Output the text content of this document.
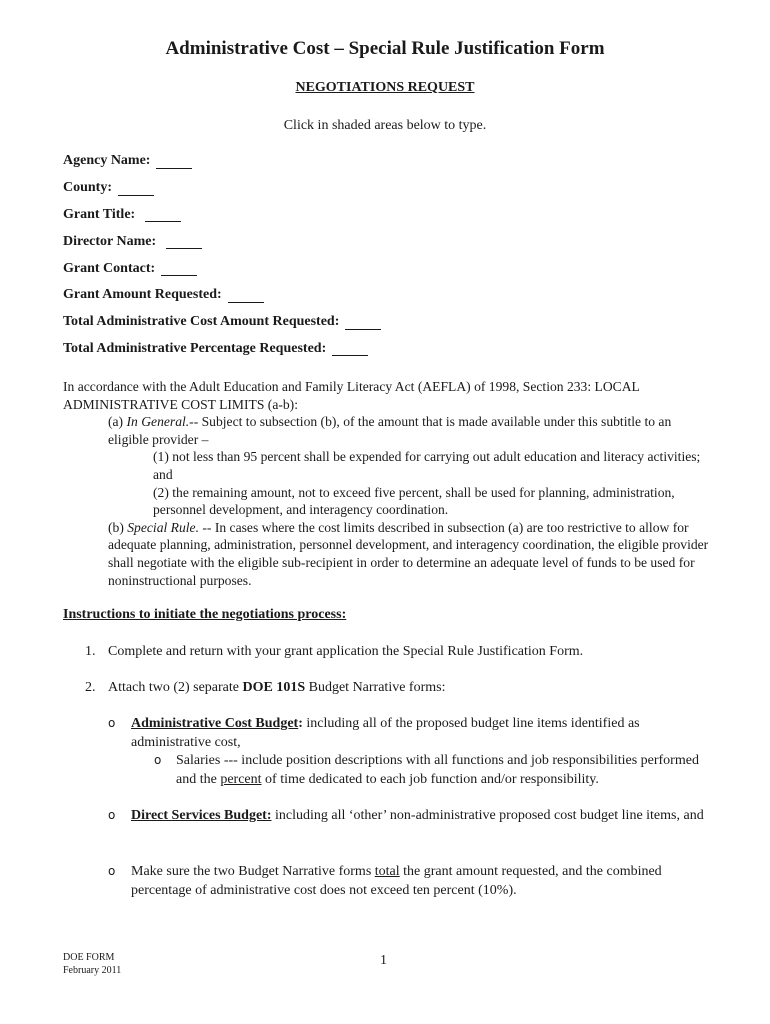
Administrative Cost – Special Rule Justification Form
NEGOTIATIONS REQUEST

Click in shaded areas below to type.

Agency Name:
County:
Grant Title:
Director Name:
Grant Contact:
Grant Amount Requested:
Total Administrative Cost Amount Requested:
Total Administrative Percentage Requested:

In accordance with the Adult Education and Family Literacy Act (AEFLA) of 1998, Section 233: LOCAL ADMINISTRATIVE COST LIMITS (a-b):

(a) In General.-- Subject to subsection (b), of the amount that is made available under this subtitle to an eligible provider –

(1) not less than 95 percent shall be expended for carrying out adult education and literacy activities; and

(2) the remaining amount, not to exceed five percent, shall be used for planning, administration, personnel development, and interagency coordination.

(b) Special Rule. -- In cases where the cost limits described in subsection (a) are too restrictive to allow for adequate planning, administration, personnel development, and interagency coordination, the eligible provider shall negotiate with the eligible sub-recipient in order to determine an adequate level of funds to be used for noninstructional purposes.

Instructions to initiate the negotiations process:
1. Complete and return with your grant application the Special Rule Justification Form.
2. Attach two (2) separate DOE 101S Budget Narrative forms:
o	Administrative Cost Budget: including all of the proposed budget line items identified as administrative cost,
o	Salaries --- include position descriptions with all functions and job responsibilities performed and the percent of time dedicated to each job function and/or responsibility.
o	Direct Services Budget: including all ‘other’ non-administrative proposed cost budget line items, and
o	Make sure the two Budget Narrative forms total the grant amount requested, and the combined percentage of administrative cost does not exceed ten percent (10%).
DOE FORM
February 2011
1
